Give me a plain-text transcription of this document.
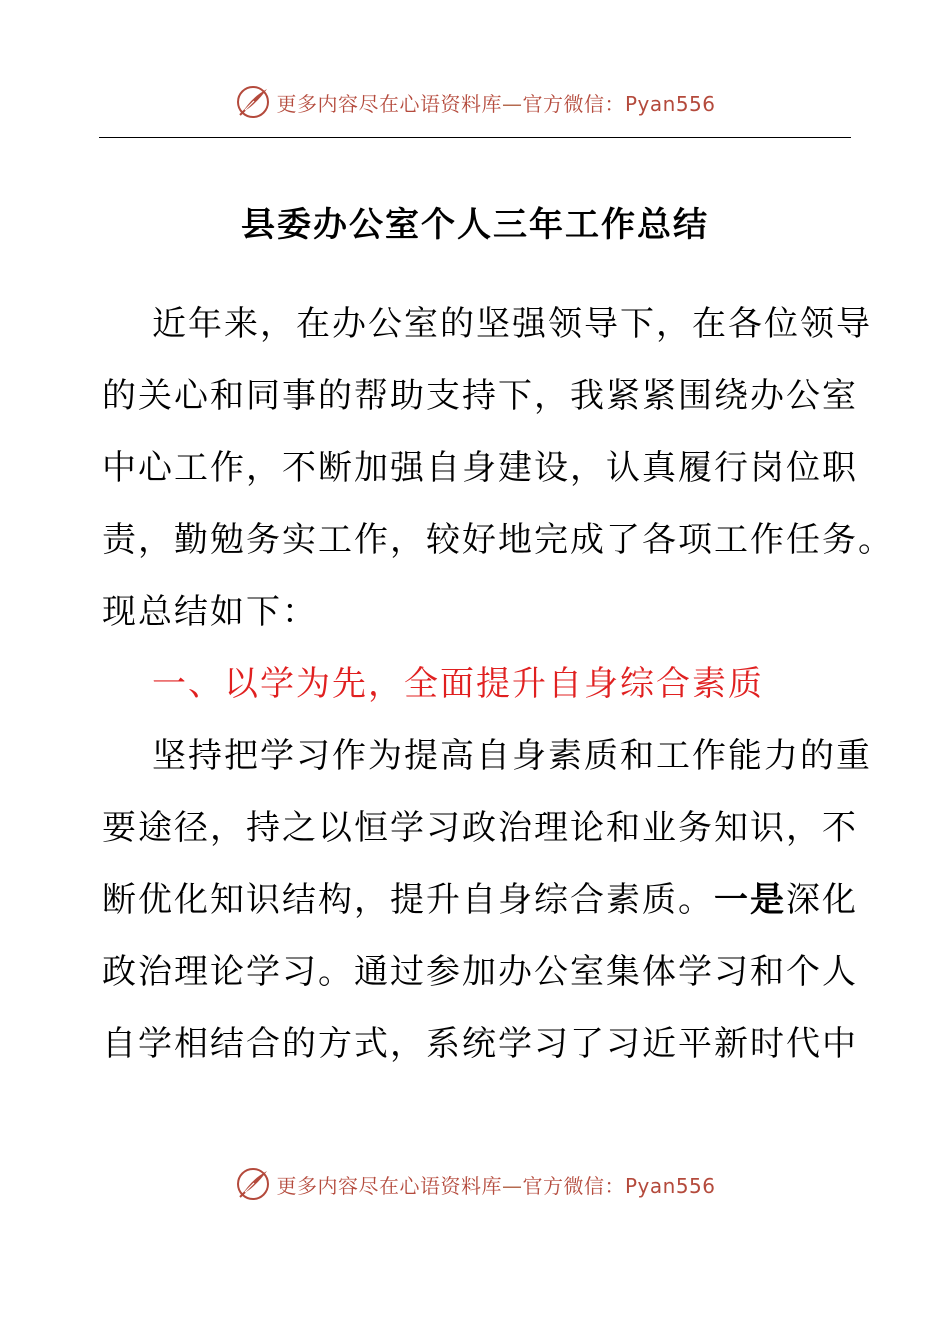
更多内容尽在心语资料库—官方微信：Pyan556
县委办公室个人三年工作总结
近年来，在办公室的坚强领导下，在各位领导
的关心和同事的帮助支持下，我紧紧围绕办公室
中心工作，不断加强自身建设，认真履行岗位职
责，勤勉务实工作，较好地完成了各项工作任务。
现总结如下：
一、以学为先，全面提升自身综合素质
坚持把学习作为提高自身素质和工作能力的重
要途径，持之以恒学习政治理论和业务知识，不
断优化知识结构，提升自身综合素质。一是深化
政治理论学习。通过参加办公室集体学习和个人
自学相结合的方式，系统学习了习近平新时代中
更多内容尽在心语资料库—官方微信：Pyan556
